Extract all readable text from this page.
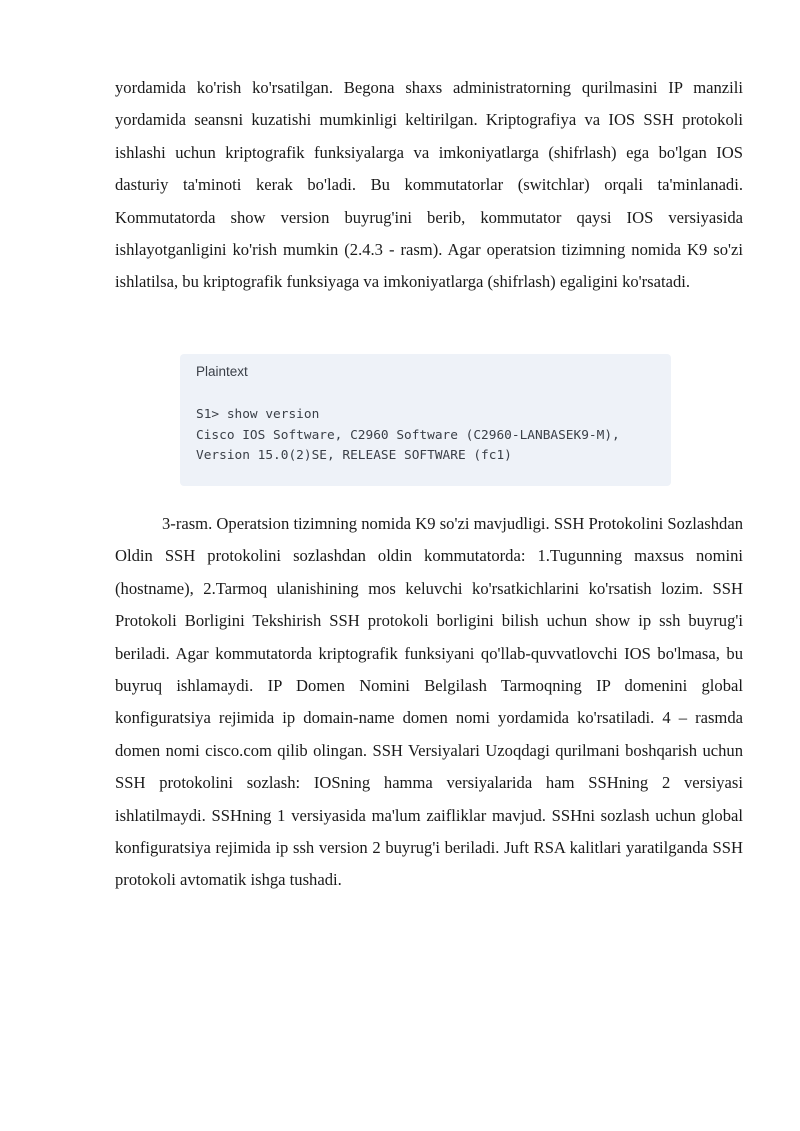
yordamida ko'rish ko'rsatilgan. Begona shaxs administratorning qurilmasini IP manzili yordamida seansni kuzatishi mumkinligi keltirilgan. Kriptografiya va IOS SSH protokoli ishlashi uchun kriptografik funksiyalarga va imkoniyatlarga (shifrlash) ega bo'lgan IOS dasturiy ta'minoti kerak bo'ladi. Bu kommutatorlar (switchlar) orqali ta'minlanadi. Kommutatorda show version buyrug'ini berib, kommutator qaysi IOS versiyasida ishlayotganligini ko'rish mumkin (2.4.3 - rasm). Agar operatsion tizimning nomida K9 so'zi ishlatilsa, bu kriptografik funksiyaga va imkoniyatlarga (shifrlash) egaligini ko'rsatadi.

Plaintext
S1> show version
Cisco IOS Software, C2960 Software (C2960-LANBASEK9-M),
Version 15.0(2)SE, RELEASE SOFTWARE (fc1)

3-rasm. Operatsion tizimning nomida K9 so'zi mavjudligi. SSH Protokolini Sozlashdan Oldin SSH protokolini sozlashdan oldin kommutatorda: 1.Tugunning maxsus nomini (hostname), 2.Tarmoq ulanishining mos keluvchi ko'rsatkichlarini ko'rsatish lozim. SSH Protokoli Borligini Tekshirish SSH protokoli borligini bilish uchun show ip ssh buyrug'i beriladi. Agar kommutatorda kriptografik funksiyani qo'llab-quvvatlovchi IOS bo'lmasa, bu buyruq ishlamaydi. IP Domen Nomini Belgilash Tarmoqning IP domenini global konfiguratsiya rejimida ip domain-name domen nomi yordamida ko'rsatiladi. 4 – rasmda domen nomi cisco.com qilib olingan. SSH Versiyalari Uzoqdagi qurilmani boshqarish uchun SSH protokolini sozlash: IOSning hamma versiyalarida ham SSHning 2 versiyasi ishlatilmaydi. SSHning 1 versiyasida ma'lum zaifliklar mavjud. SSHni sozlash uchun global konfiguratsiya rejimida ip ssh version 2 buyrug'i beriladi. Juft RSA kalitlari yaratilganda SSH protokoli avtomatik ishga tushadi.
